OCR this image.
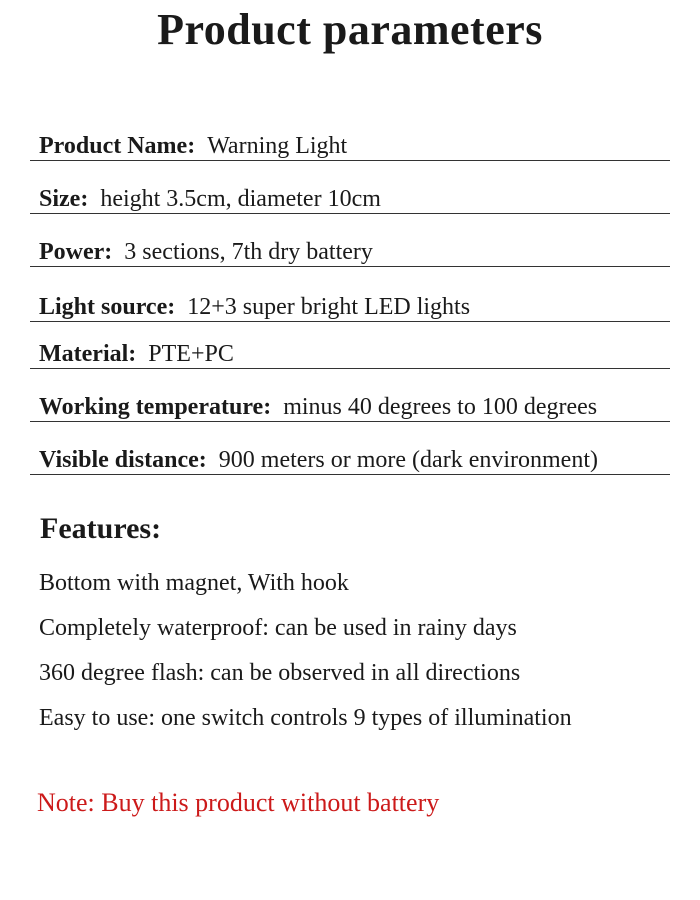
Product parameters
Product Name: Warning Light
Size: height 3.5cm, diameter 10cm
Power: 3 sections, 7th dry battery
Light source: 12+3 super bright LED lights
Material: PTE+PC
Working temperature: minus 40 degrees to 100 degrees
Visible distance: 900 meters or more (dark environment)
Features:
Bottom with magnet, With hook
Completely waterproof: can be used in rainy days
360 degree flash: can be observed in all directions
Easy to use: one switch controls 9 types of illumination
Note: Buy this product without battery
